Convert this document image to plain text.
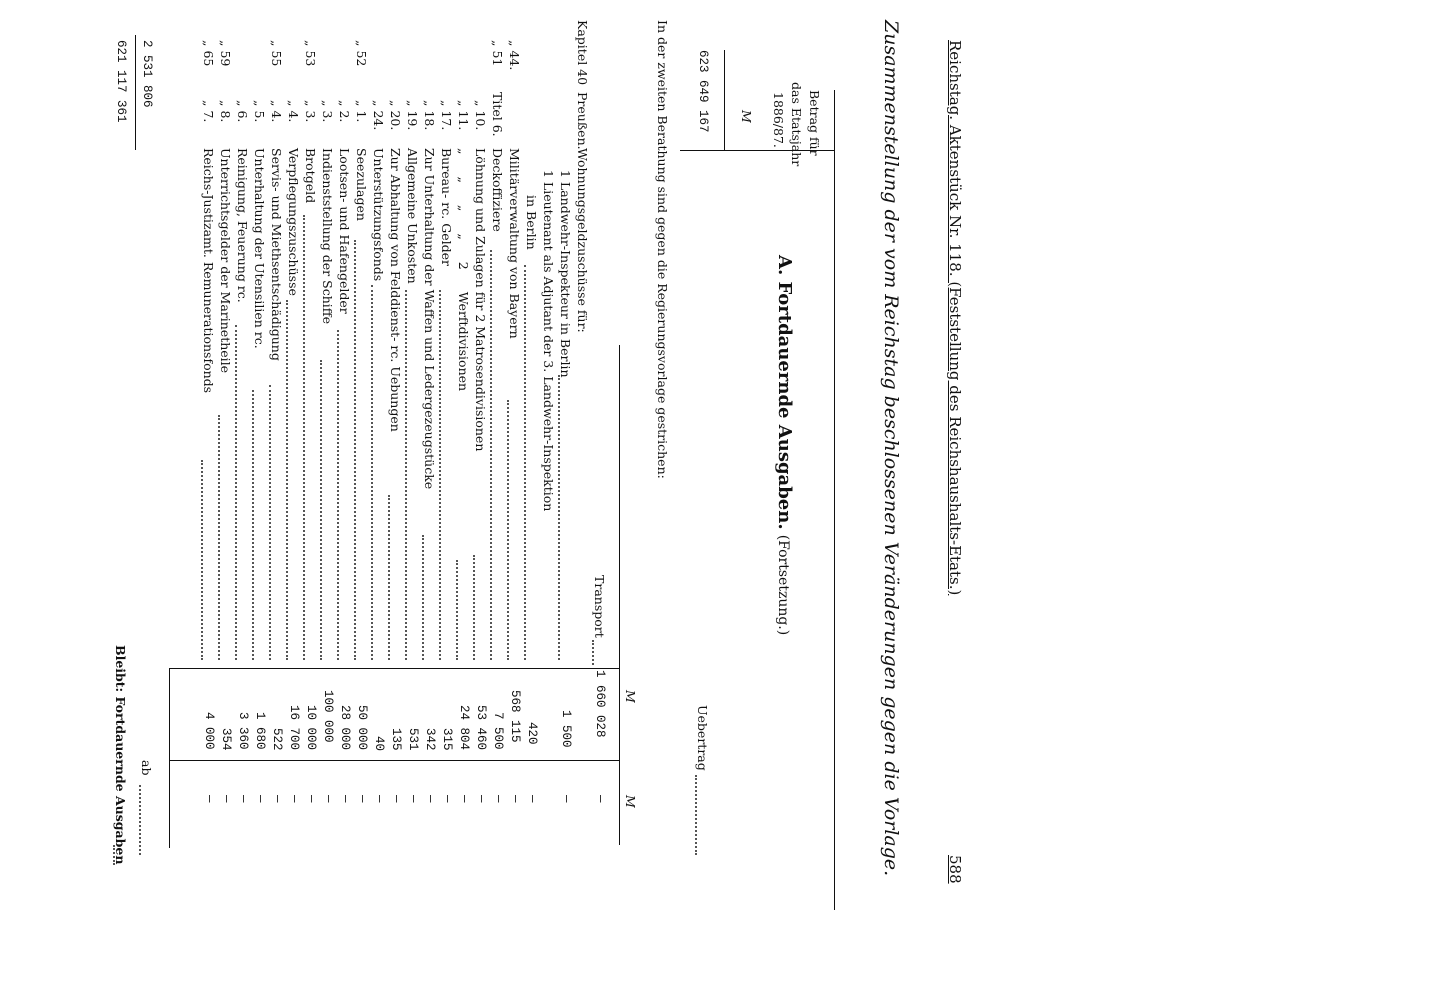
588
Reichstag. Aktenstück Nr. 118. (Feststellung des Reichshaushalts-Etats.)
Zusammenstellung der vom Reichstag beschlossenen Veränderungen gegen die Vorlage.
Betrag für
das Etatsjahr
1886/87.
M
A. Fortdauernde Ausgaben. (Fortsetzung.)
In der zweiten Berathung sind gegen die Regierungsvorlage gestrichen:
Uebertrag
623 649 167
M
M
Transport
1 660 028
Kapitel 40
Preußen.
Wohnungsgeldzuschüsse für:
1 Landwehr-Inspekteur in Berlin
1 500
1 Lieutenant als Adjutant der 3. Landwehr-Inspektion
in Berlin
420
„ 44.
Militärverwaltung von Bayern
568 115
„ 51
Titel 6.
Deckoffiziere
7 500
„ 10.
Löhnung und Zulagen für 2 Matrosendivisionen
53 460
„ 11.
„ „ „ „ 2 Werftdivisionen
24 804
„ 17.
Bureau- rc. Gelder
315
„ 18.
Zur Unterhaltung der Waffen und Ledergezeugstücke
342
„ 19.
Allgemeine Unkosten
531
„ 20.
Zur Abhaltung von Felddienst- rc. Uebungen
135
„ 24.
Unterstützungsfonds
40
„ 52
„ 1.
Seezulagen
50 000
„ 2.
Lootsen- und Hafengelder
28 000
„ 3.
Indienststellung der Schiffe
100 000
„ 53
„ 3.
Brotgeld
10 000
„ 4.
Verpflegungszuschüsse
16 700
„ 55
„ 4.
Servis- und Miethsentschädigung
522
„ 5.
Unterhaltung der Utensilien rc.
1 680
„ 6.
Reinigung, Feuerung rc.
3 360
„ 59
„ 8.
Unterrichtsgelder der Marinetheile
354
„ 65
„ 7.
Reichs-Justizamt. Remunerationsfonds
4 000
—
—
—
—
—
—
—
—
—
—
—
—
—
—
—
—
—
—
—
—
—
—
ab
2 531 806
Bleibt: Fortdauernde Ausgaben
621 117 361
